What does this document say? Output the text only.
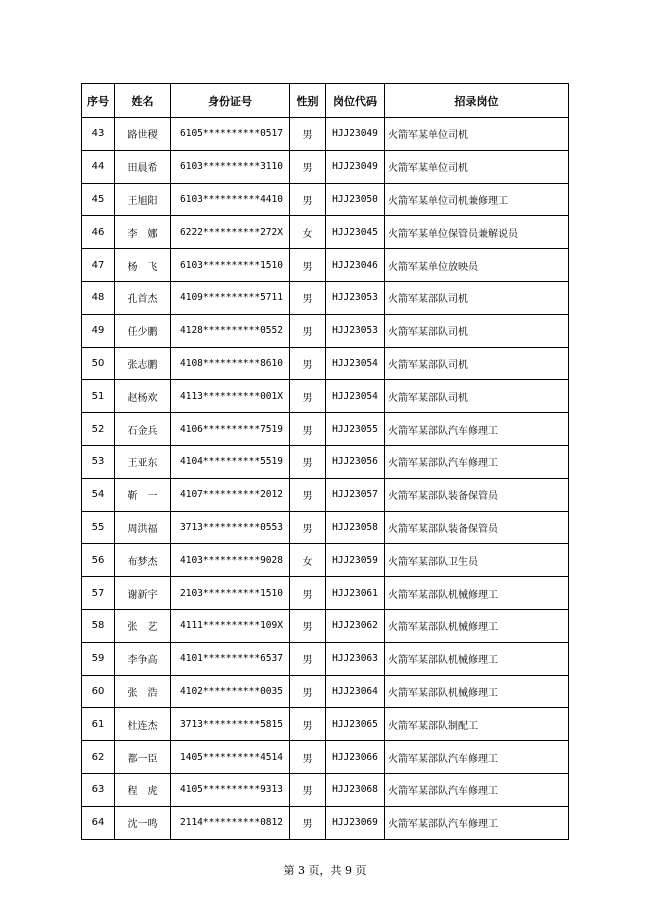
序号	姓名	身份证号	性别	岗位代码	招录岗位
43	路世稷	6105**********0517	男	HJJ23049	火箭军某单位司机
44	田晨希	6103**********3110	男	HJJ23049	火箭军某单位司机
45	王旭阳	6103**********4410	男	HJJ23050	火箭军某单位司机兼修理工
46	李　娜	6222**********272X	女	HJJ23045	火箭军某单位保管员兼解说员
47	杨　飞	6103**********1510	男	HJJ23046	火箭军某单位放映员
48	孔首杰	4109**********5711	男	HJJ23053	火箭军某部队司机
49	任少鹏	4128**********0552	男	HJJ23053	火箭军某部队司机
50	张志鹏	4108**********8610	男	HJJ23054	火箭军某部队司机
51	赵杨欢	4113**********001X	男	HJJ23054	火箭军某部队司机
52	石金兵	4106**********7519	男	HJJ23055	火箭军某部队汽车修理工
53	王亚东	4104**********5519	男	HJJ23056	火箭军某部队汽车修理工
54	靳　一	4107**********2012	男	HJJ23057	火箭军某部队装备保管员
55	周洪福	3713**********0553	男	HJJ23058	火箭军某部队装备保管员
56	布梦杰	4103**********9028	女	HJJ23059	火箭军某部队卫生员
57	谢新宇	2103**********1510	男	HJJ23061	火箭军某部队机械修理工
58	张　艺	4111**********109X	男	HJJ23062	火箭军某部队机械修理工
59	李争高	4101**********6537	男	HJJ23063	火箭军某部队机械修理工
60	张　浩	4102**********0035	男	HJJ23064	火箭军某部队机械修理工
61	杜连杰	3713**********5815	男	HJJ23065	火箭军某部队制配工
62	都一臣	1405**********4514	男	HJJ23066	火箭军某部队汽车修理工
63	程　虎	4105**********9313	男	HJJ23068	火箭军某部队汽车修理工
64	沈一鸣	2114**********0812	男	HJJ23069	火箭军某部队汽车修理工
第 3 页，共 9 页
